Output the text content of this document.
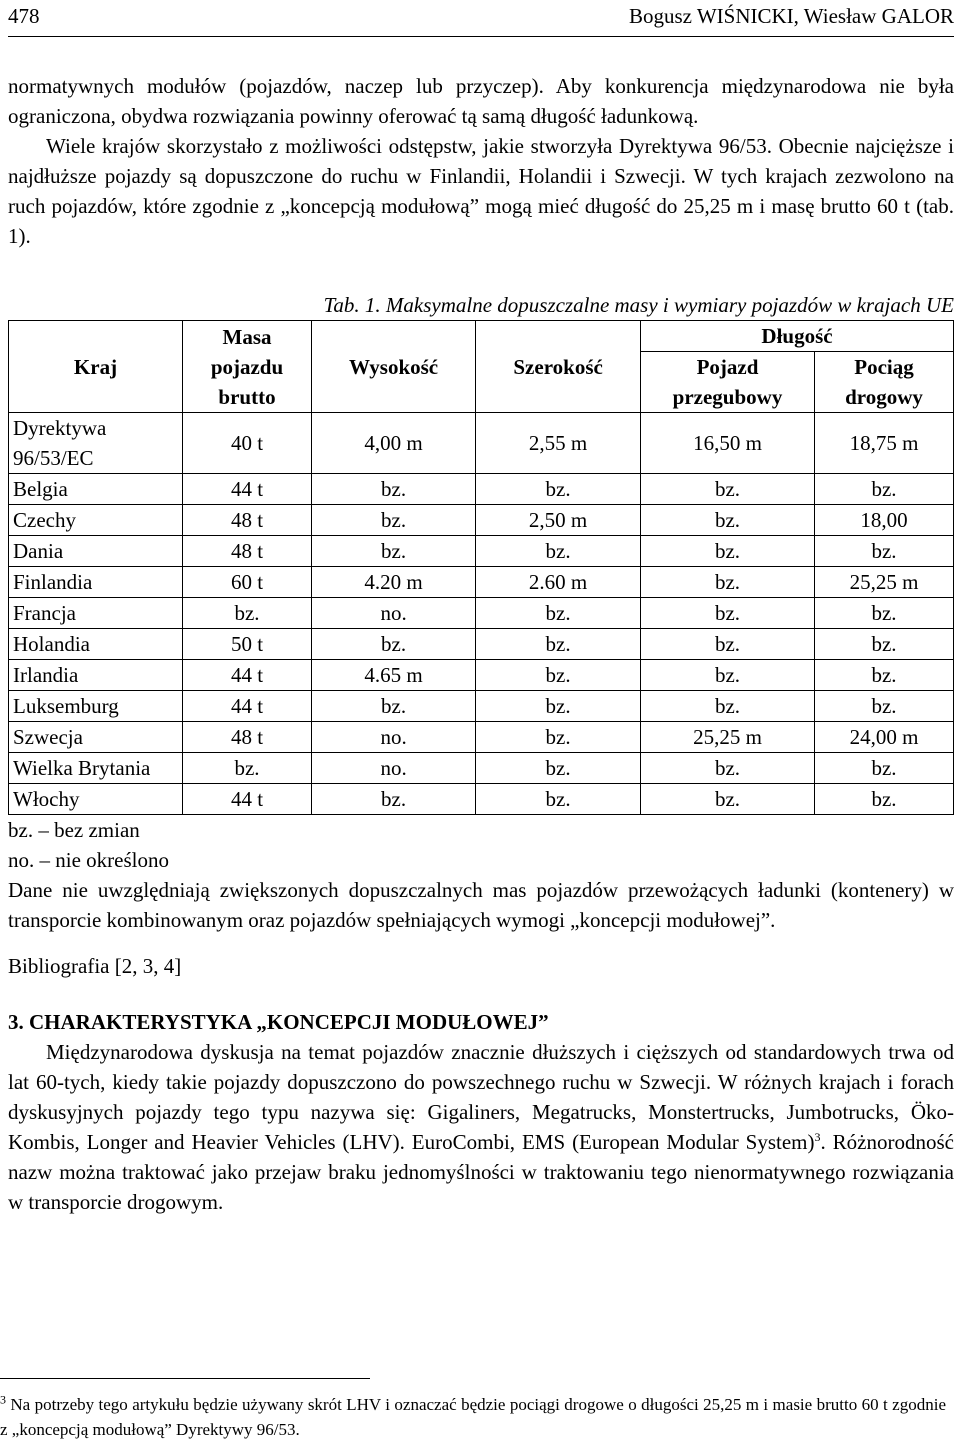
478	Bogusz WIŚNICKI, Wiesław GALOR

normatywnych modułów (pojazdów, naczep lub przyczep). Aby konkurencja międzynarodowa nie była ograniczona, obydwa rozwiązania powinny oferować tą samą długość ładunkową.

Wiele krajów skorzystało z możliwości odstępstw, jakie stworzyła Dyrektywa 96/53. Obecnie najcięższe i najdłuższe pojazdy są dopuszczone do ruchu w Finlandii, Holandii i Szwecji. W tych krajach zezwolono na ruch pojazdów, które zgodnie z „koncepcją modułową” mogą mieć długość do 25,25 m i masę brutto 60 t (tab. 1).

Tab. 1. Maksymalne dopuszczalne masy i wymiary pojazdów w krajach UE
Kraj	Masa pojazdu brutto	Wysokość	Szerokość	Długość	
				Pojazd przegubowy	Pociąg drogowy
Dyrektywa 96/53/EC	40 t	4,00 m	2,55 m	16,50 m	18,75 m
Belgia	44 t	bz.	bz.	bz.	bz.
Czechy	48 t	bz.	2,50 m	bz.	18,00
Dania	48 t	bz.	bz.	bz.	bz.
Finlandia	60 t	4.20 m	2.60 m	bz.	25,25 m
Francja	bz.	no.	bz.	bz.	bz.
Holandia	50 t	bz.	bz.	bz.	bz.
Irlandia	44 t	4.65 m	bz.	bz.	bz.
Luksemburg	44 t	bz.	bz.	bz.	bz.
Szwecja	48 t	no.	bz.	25,25 m	24,00 m
Wielka Brytania	bz.	no.	bz.	bz.	bz.
Włochy	44 t	bz.	bz.	bz.	bz.

bz. – bez zmian

no. – nie określono

Dane nie uwzględniają zwiększonych dopuszczalnych mas pojazdów przewożących ładunki (kontenery) w transporcie kombinowanym oraz pojazdów spełniających wymogi „koncepcji modułowej”.

Bibliografia [2, 3, 4]

3. CHARAKTERYSTYKA „KONCEPCJI MODUŁOWEJ”

Międzynarodowa dyskusja na temat pojazdów znacznie dłuższych i cięższych od standardowych trwa od lat 60-tych, kiedy takie pojazdy dopuszczono do powszechnego ruchu w Szwecji. W różnych krajach i forach dyskusyjnych pojazdy tego typu nazywa się: Gigaliners, Megatrucks, Monstertrucks, Jumbotrucks, Öko-Kombis, Longer and Heavier Vehicles (LHV). EuroCombi, EMS (European Modular System)$^3$. Różnorodność nazw można traktować jako przejaw braku jednomyślności w traktowaniu tego nienormatywnego rozwiązania w transporcie drogowym.

$^3$ Na potrzeby tego artykułu będzie używany skrót LHV i oznaczać będzie pociągi drogowe o długości 25,25 m i masie brutto 60 t zgodnie z „koncepcją modułową” Dyrektywy 96/53.
